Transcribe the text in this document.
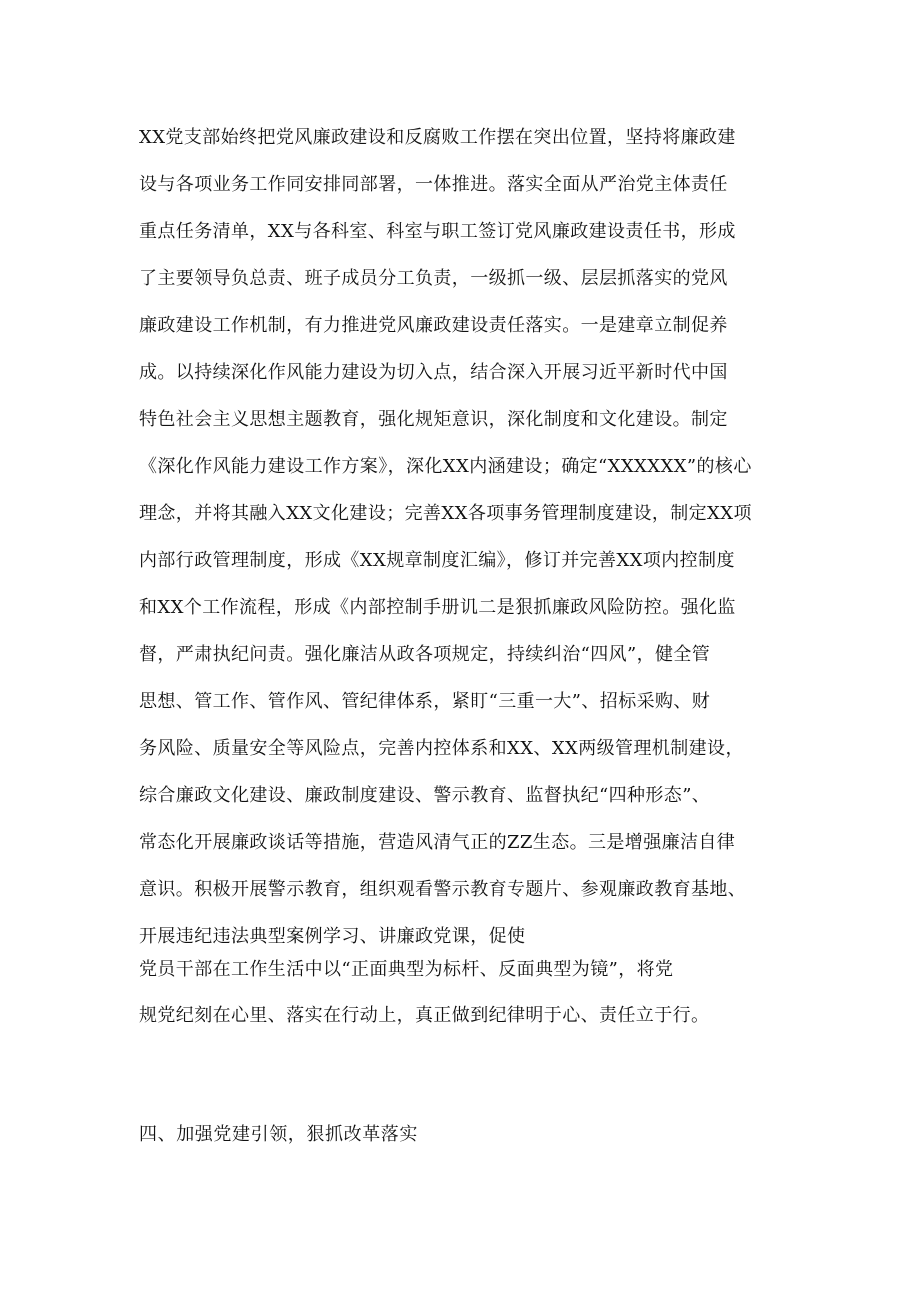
XX党支部始终把党风廉政建设和反腐败工作摆在突出位置，坚持将廉政建
设与各项业务工作同安排同部署，一体推进。落实全面从严治党主体责任
重点任务清单，XX与各科室、科室与职工签订党风廉政建设责任书，形成
了主要领导负总责、班子成员分工负责，一级抓一级、层层抓落实的党风
廉政建设工作机制，有力推进党风廉政建设责任落实。一是建章立制促养
成。以持续深化作风能力建设为切入点，结合深入开展习近平新时代中国
特色社会主义思想主题教育，强化规矩意识，深化制度和文化建设。制定
《深化作风能力建设工作方案》，深化XX内涵建设；确定“XXXXXX”的核心
理念，并将其融入XX文化建设；完善XX各项事务管理制度建设，制定XX项
内部行政管理制度，形成《XX规章制度汇编》，修订并完善XX项内控制度
和XX个工作流程，形成《内部控制手册讥二是狠抓廉政风险防控。强化监
督，严肃执纪问责。强化廉洁从政各项规定，持续纠治“四风”，健全管
思想、管工作、管作风、管纪律体系，紧盯“三重一大”、招标采购、财
务风险、质量安全等风险点，完善内控体系和XX、XX两级管理机制建设，
综合廉政文化建设、廉政制度建设、警示教育、监督执纪“四种形态”、
常态化开展廉政谈话等措施，营造风清气正的ZZ生态。三是增强廉洁自律
意识。积极开展警示教育，组织观看警示教育专题片、参观廉政教育基地、
开展违纪违法典型案例学习、讲廉政党课，促使
党员干部在工作生活中以“正面典型为标杆、反面典型为镜”，将党
规党纪刻在心里、落实在行动上，真正做到纪律明于心、责任立于行。
四、加强党建引领，狠抓改革落实
